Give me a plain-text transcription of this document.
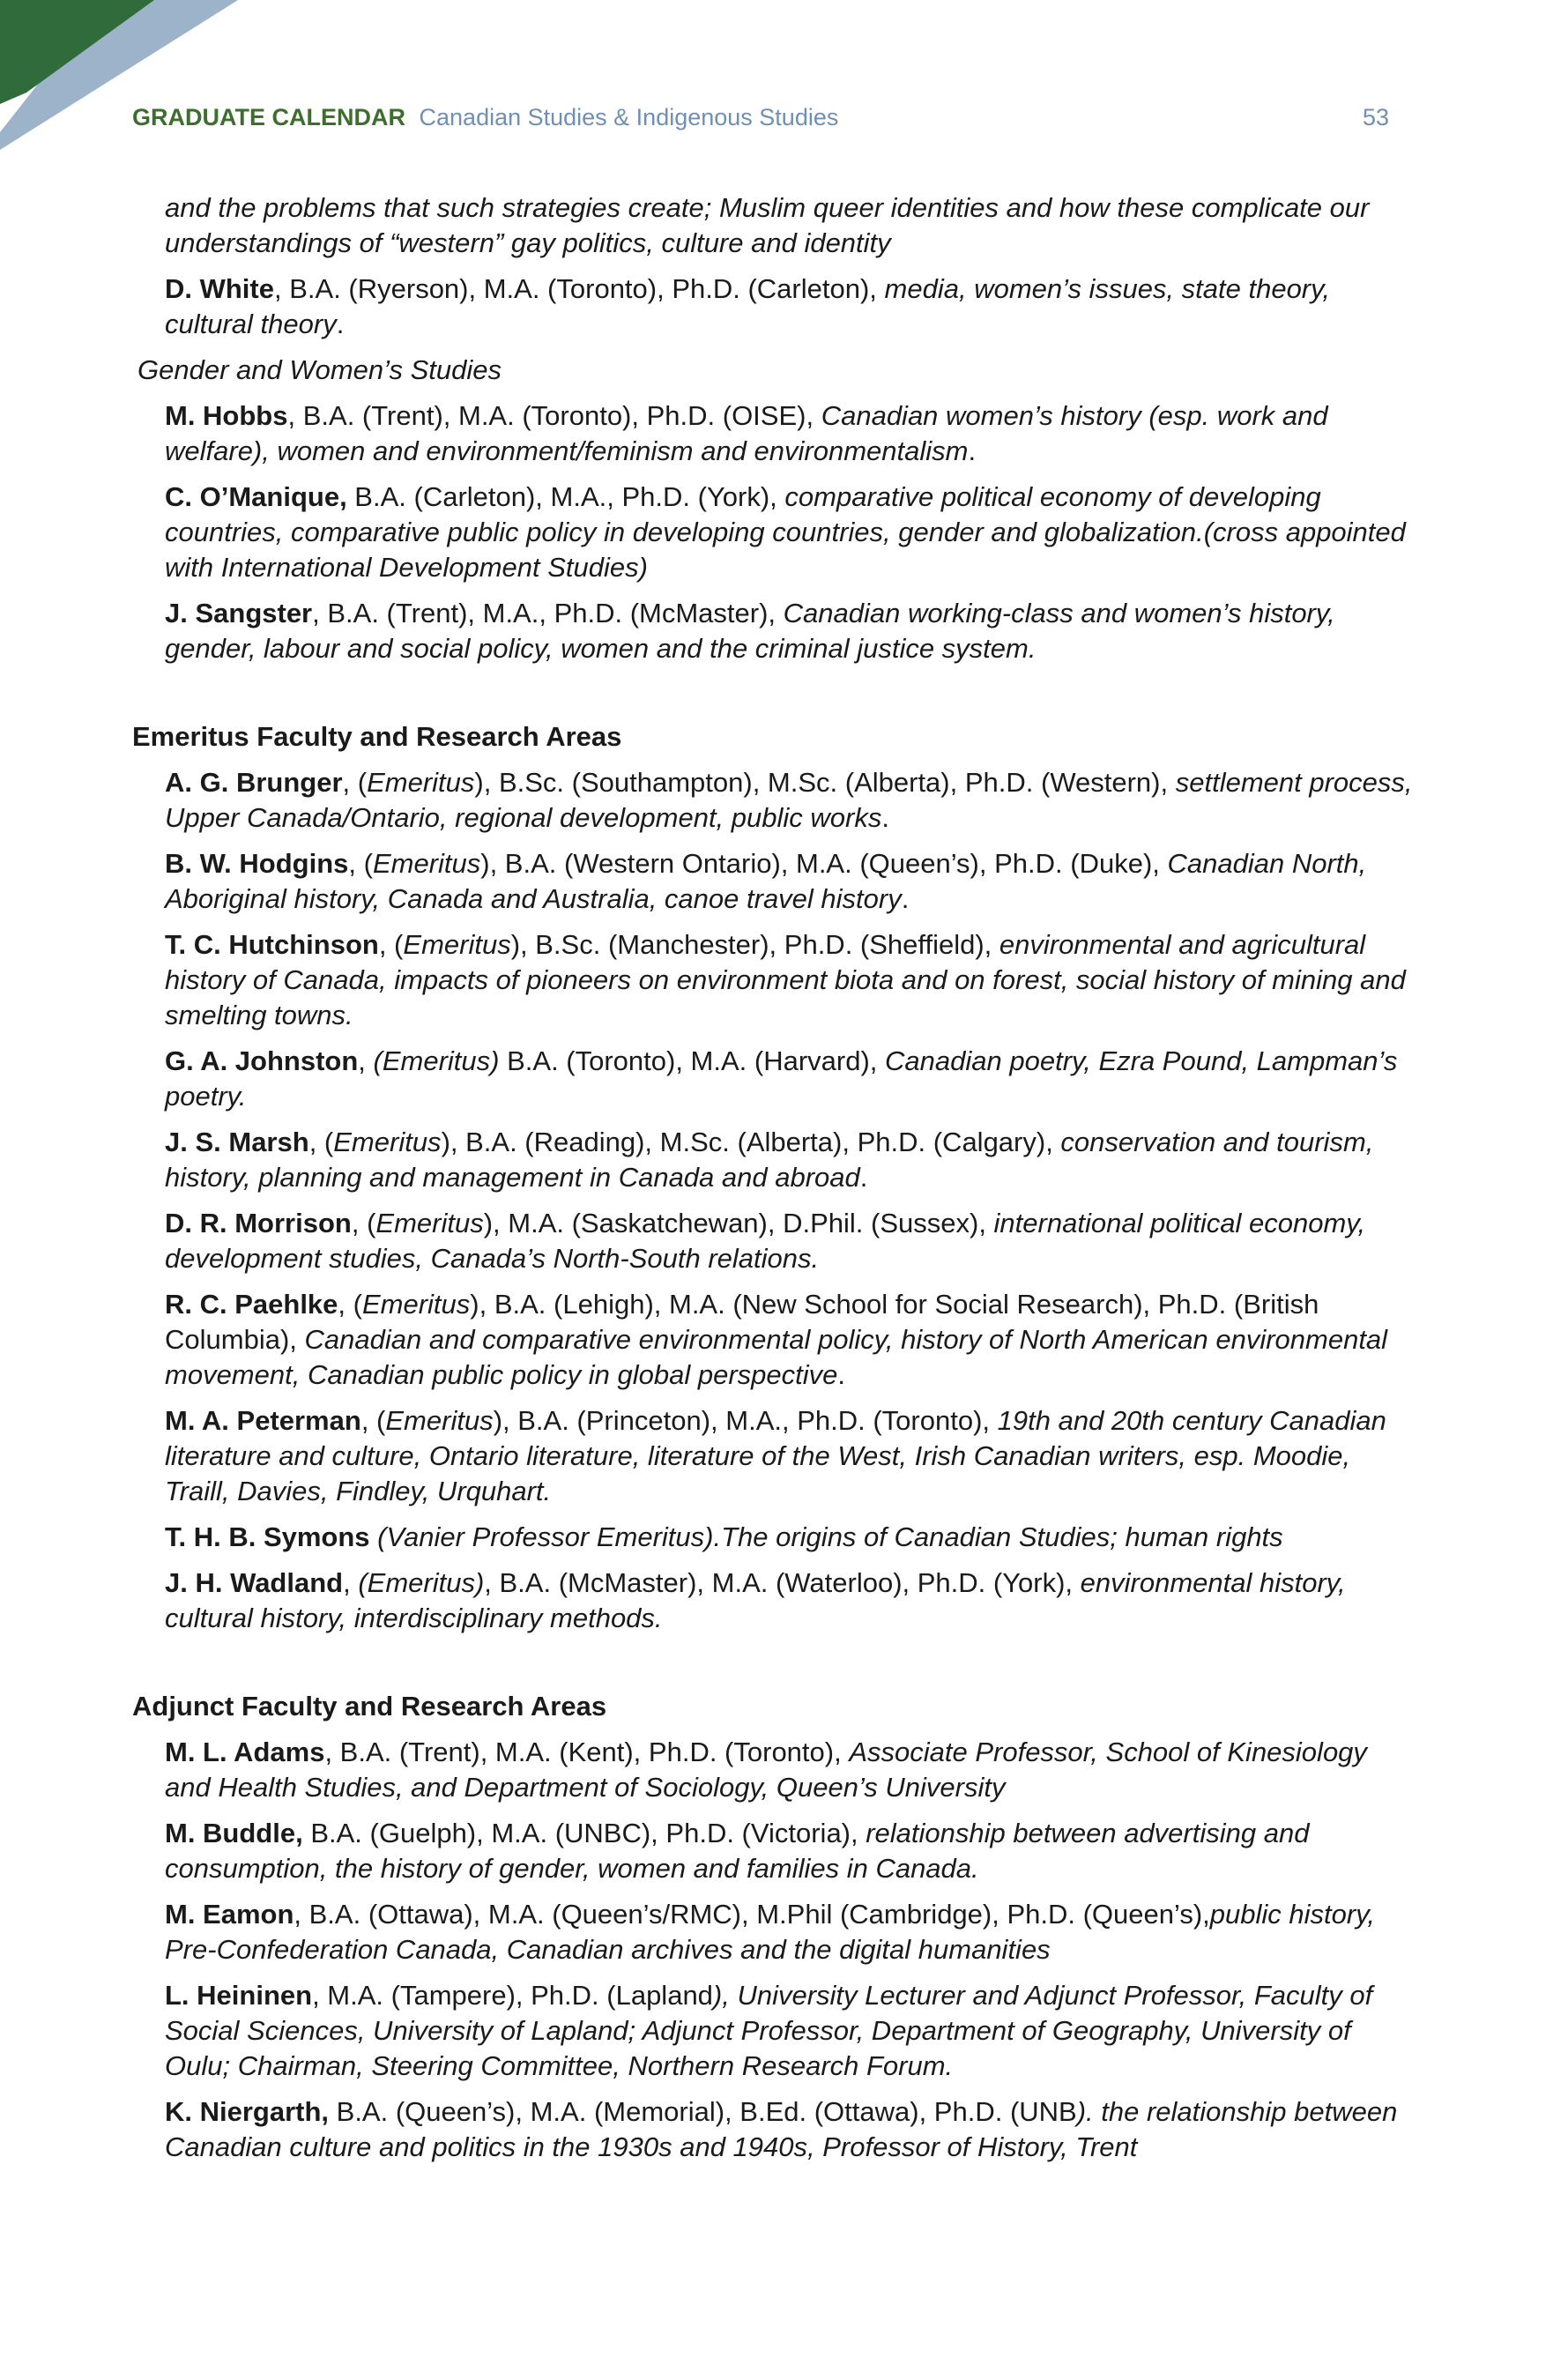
GRADUATE CALENDAR Canadian Studies & Indigenous Studies	53
and the problems that such strategies create; Muslim queer identities and how these complicate our understandings of “western” gay politics, culture and identity
D. White, B.A. (Ryerson), M.A. (Toronto), Ph.D. (Carleton), media, women’s issues, state theory, cultural theory.
Gender and Women’s Studies
M. Hobbs, B.A. (Trent), M.A. (Toronto), Ph.D. (OISE), Canadian women’s history (esp. work and welfare), women and environment/feminism and environmentalism.
C. O’Manique, B.A. (Carleton), M.A., Ph.D. (York), comparative political economy of developing countries, comparative public policy in developing countries, gender and globalization.(cross appointed with International Development Studies)
J. Sangster, B.A. (Trent), M.A., Ph.D. (McMaster), Canadian working-class and women’s history, gender, labour and social policy, women and the criminal justice system.
Emeritus Faculty and Research Areas
A. G. Brunger, (Emeritus), B.Sc. (Southampton), M.Sc. (Alberta), Ph.D. (Western), settlement process, Upper Canada/Ontario, regional development, public works.
B. W. Hodgins, (Emeritus), B.A. (Western Ontario), M.A. (Queen’s), Ph.D. (Duke), Canadian North, Aboriginal history, Canada and Australia, canoe travel history.
T. C. Hutchinson, (Emeritus), B.Sc. (Manchester), Ph.D. (Sheffield), environmental and agricultural history of Canada, impacts of pioneers on environment biota and on forest, social history of mining and smelting towns.
G. A. Johnston, (Emeritus) B.A. (Toronto), M.A. (Harvard), Canadian poetry, Ezra Pound, Lampman’s poetry.
J. S. Marsh, (Emeritus), B.A. (Reading), M.Sc. (Alberta), Ph.D. (Calgary), conservation and tourism, history, planning and management in Canada and abroad.
D. R. Morrison, (Emeritus), M.A. (Saskatchewan), D.Phil. (Sussex), international political economy, development studies, Canada’s North-South relations.
R. C. Paehlke, (Emeritus), B.A. (Lehigh), M.A. (New School for Social Research), Ph.D. (British Columbia), Canadian and comparative environmental policy, history of North American environmental movement, Canadian public policy in global perspective.
M. A. Peterman, (Emeritus), B.A. (Princeton), M.A., Ph.D. (Toronto), 19th and 20th century Canadian literature and culture, Ontario literature, literature of the West, Irish Canadian writers, esp. Moodie, Traill, Davies, Findley, Urquhart.
T. H. B. Symons (Vanier Professor Emeritus).The origins of Canadian Studies; human rights
J. H. Wadland, (Emeritus), B.A. (McMaster), M.A. (Waterloo), Ph.D. (York), environmental history, cultural history, interdisciplinary methods.
Adjunct Faculty and Research Areas
M. L. Adams, B.A. (Trent), M.A. (Kent), Ph.D. (Toronto), Associate Professor, School of Kinesiology and Health Studies, and Department of Sociology, Queen’s University
M. Buddle, B.A. (Guelph), M.A. (UNBC), Ph.D. (Victoria), relationship between advertising and consumption, the history of gender, women and families in Canada.
M. Eamon, B.A. (Ottawa), M.A. (Queen’s/RMC), M.Phil (Cambridge), Ph.D. (Queen’s),public history, Pre-Confederation Canada, Canadian archives and the digital humanities
L. Heininen, M.A. (Tampere), Ph.D. (Lapland), University Lecturer and Adjunct Professor, Faculty of Social Sciences, University of Lapland; Adjunct Professor, Department of Geography, University of Oulu; Chairman, Steering Committee, Northern Research Forum.
K. Niergarth, B.A. (Queen’s), M.A. (Memorial), B.Ed. (Ottawa), Ph.D. (UNB). the relationship between Canadian culture and politics in the 1930s and 1940s, Professor of History, Trent
